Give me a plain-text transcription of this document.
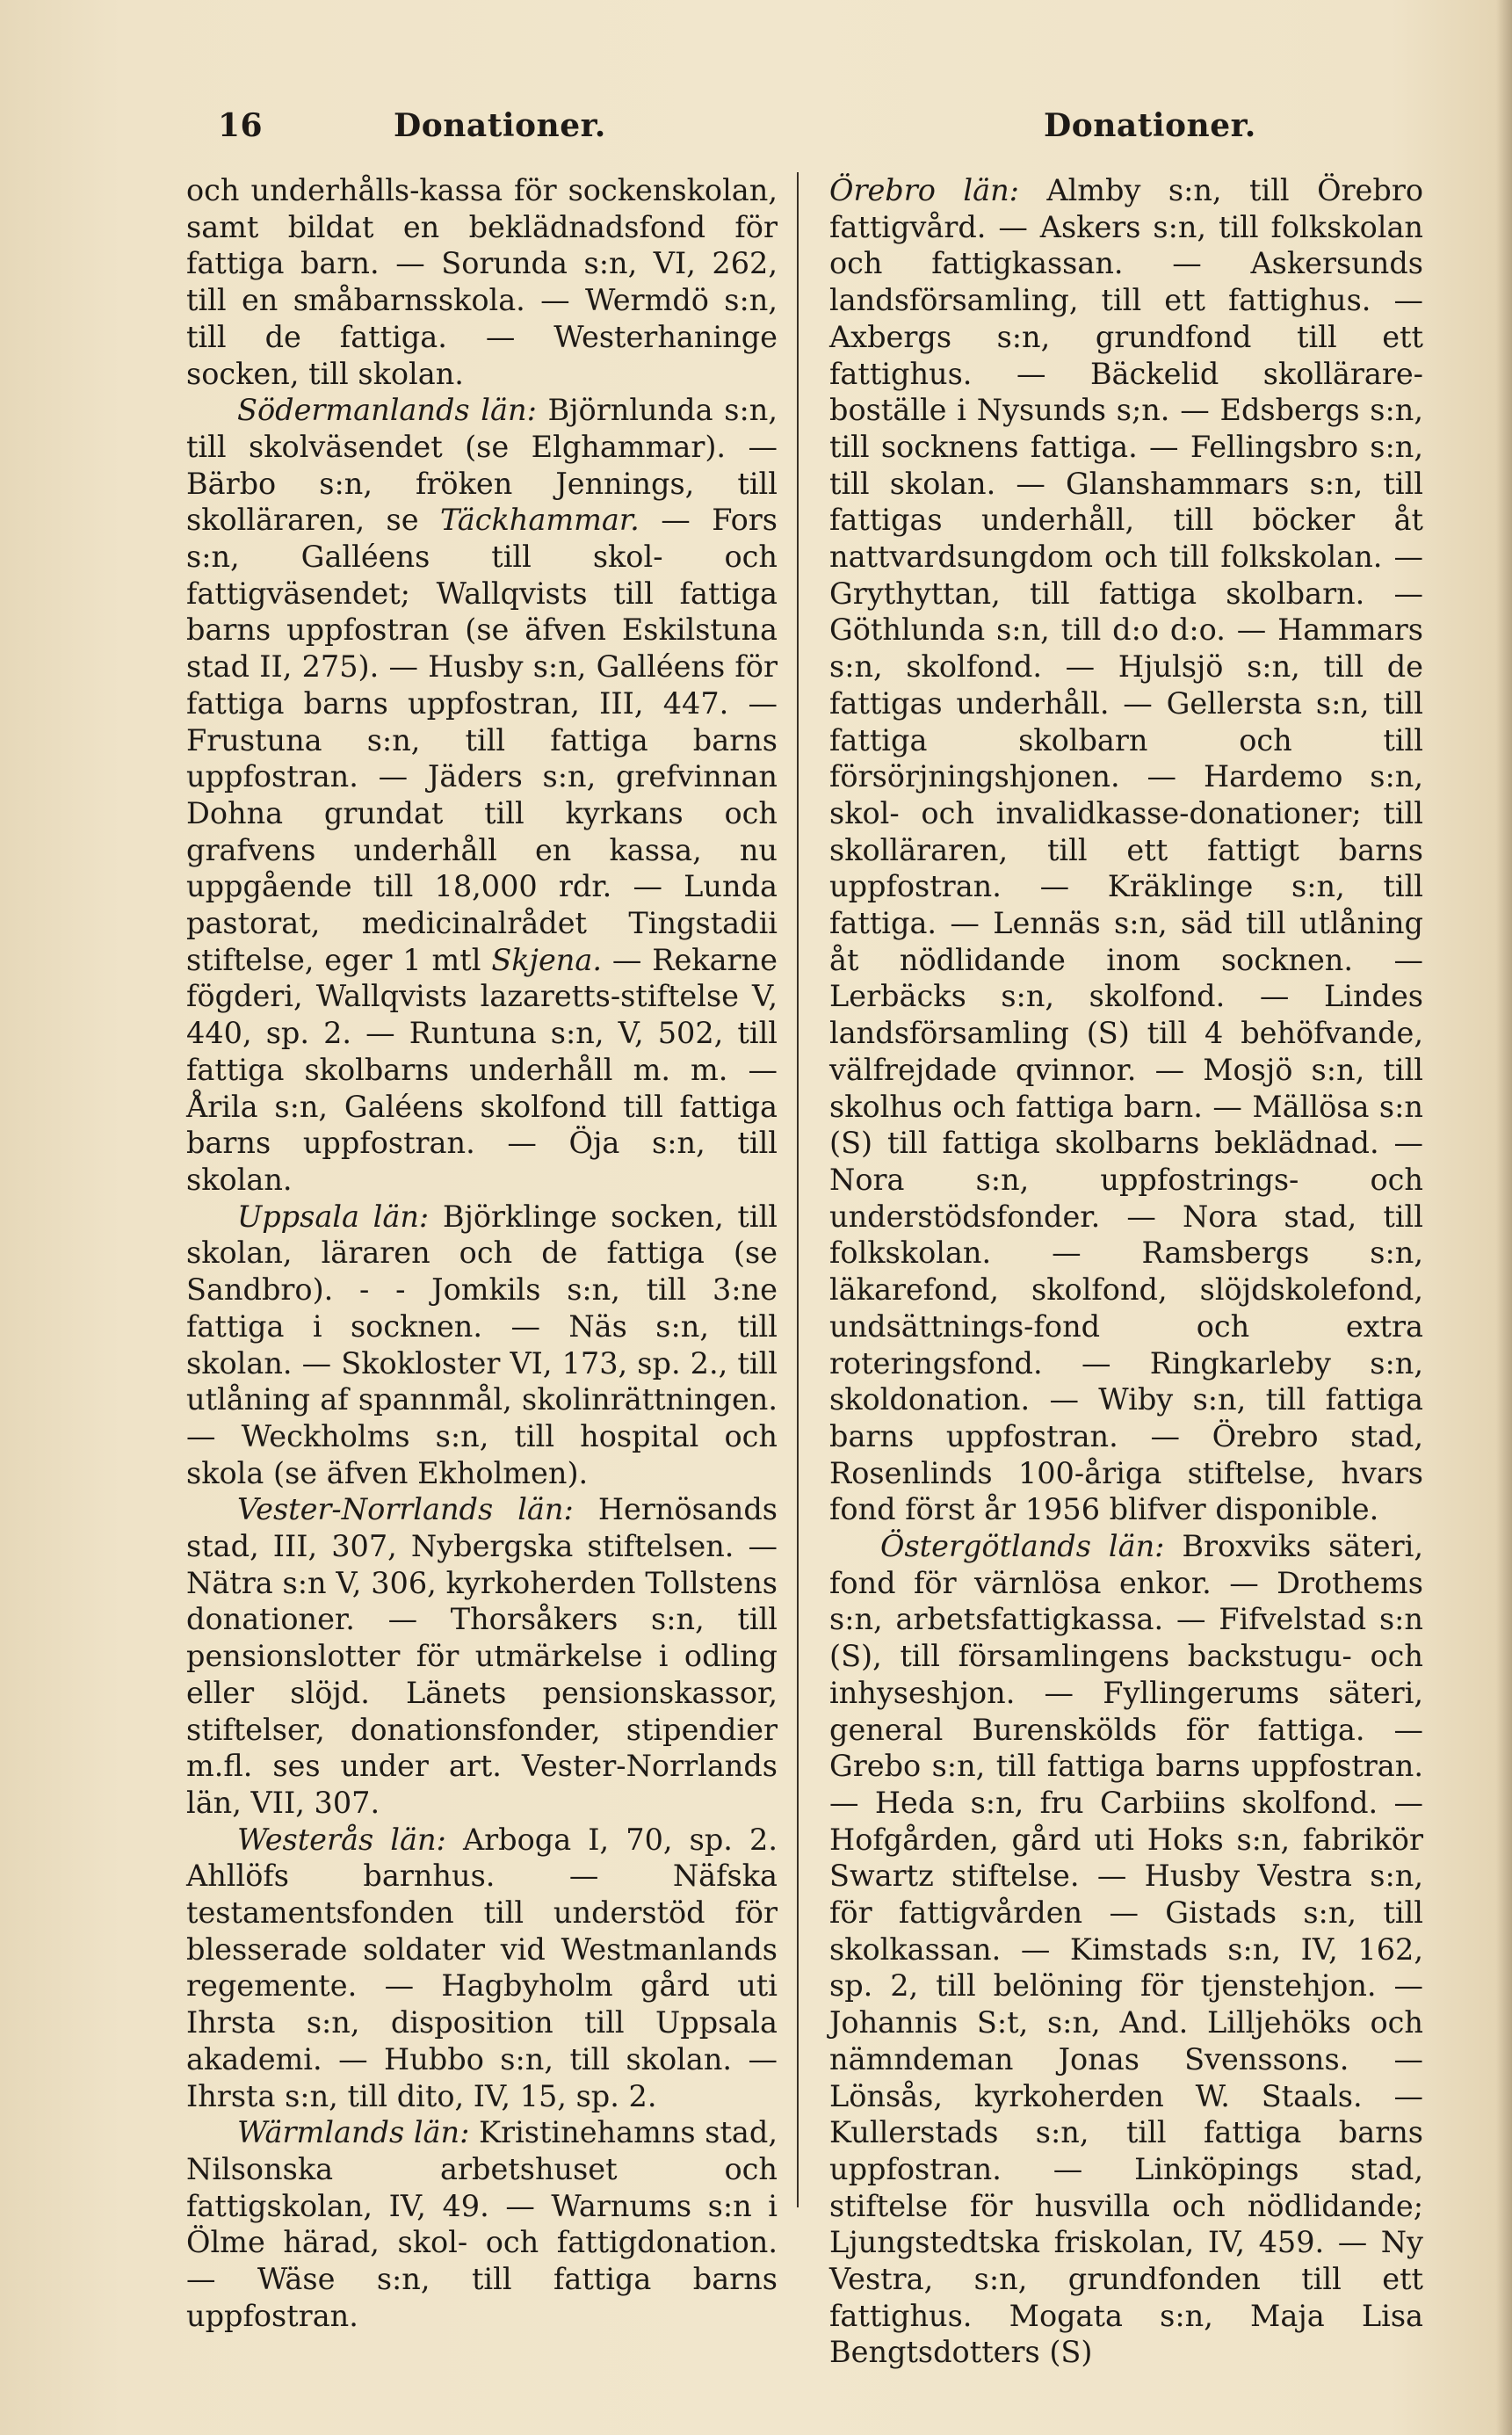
16	Donationer.	Donationer.

och underhålls-kassa för sockenskolan, samt bildat en beklädnadsfond för fattiga barn. — Sorunda s:n, VI, 262, till en småbarnsskola. — Wermdö s:n, till de fattiga. — Westerhaninge socken, till skolan.

Södermanlands län: Björnlunda s:n, till skolväsendet (se Elghammar). — Bärbo s:n, fröken Jennings, till skolläraren, se Täckhammar. — Fors s:n, Galléens till skol- och fattigväsendet; Wallqvists till fattiga barns uppfostran (se äfven Eskilstuna stad II, 275). — Husby s:n, Galléens för fattiga barns uppfostran, III, 447. — Frustuna s:n, till fattiga barns uppfostran. — Jäders s:n, grefvinnan Dohna grundat till kyrkans och grafvens underhåll en kassa, nu uppgående till 18,000 rdr. — Lunda pastorat, medicinalrådet Tingstadii stiftelse, eger 1 mtl Skjena. — Rekarne fögderi, Wallqvists lazaretts-stiftelse V, 440, sp. 2. — Runtuna s:n, V, 502, till fattiga skolbarns underhåll m. m. — Årila s:n, Galéens skolfond till fattiga barns uppfostran. — Öja s:n, till skolan.

Uppsala län: Björklinge socken, till skolan, läraren och de fattiga (se Sandbro). - - Jomkils s:n, till 3:ne fattiga i socknen. — Näs s:n, till skolan. — Skokloster VI, 173, sp. 2., till utlåning af spannmål, skolinrättningen. — Weckholms s:n, till hospital och skola (se äfven Ekholmen).

Vester-Norrlands län: Hernösands stad, III, 307, Nybergska stiftelsen. — Nätra s:n V, 306, kyrkoherden Tollstens donationer. — Thorsåkers s:n, till pensionslotter för utmärkelse i odling eller slöjd. Länets pensionskassor, stiftelser, donationsfonder, stipendier m.fl. ses under art. Vester-Norrlands län, VII, 307.

Westerås län: Arboga I, 70, sp. 2. Ahllöfs barnhus. — Näfska testamentsfonden till understöd för blesserade soldater vid Westmanlands regemente. — Hagbyholm gård uti Ihrsta s:n, disposition till Uppsala akademi. — Hubbo s:n, till skolan. — Ihrsta s:n, till dito, IV, 15, sp. 2.

Wärmlands län: Kristinehamns stad, Nilsonska arbetshuset och fattigskolan, IV, 49. — Warnums s:n i Ölme härad, skol- och fattigdonation. — Wäse s:n, till fattiga barns uppfostran.

Örebro län: Almby s:n, till Örebro fattigvård. — Askers s:n, till folkskolan och fattigkassan. — Askersunds landsförsamling, till ett fattighus. — Axbergs s:n, grundfond till ett fattighus. — Bäckelid skollärare-boställe i Nysunds s;n. — Edsbergs s:n, till socknens fattiga. — Fellingsbro s:n, till skolan. — Glanshammars s:n, till fattigas underhåll, till böcker åt nattvardsungdom och till folkskolan. — Grythyttan, till fattiga skolbarn. — Göthlunda s:n, till d:o d:o. — Hammars s:n, skolfond. — Hjulsjö s:n, till de fattigas underhåll. — Gellersta s:n, till fattiga skolbarn och till försörjningshjonen. — Hardemo s:n, skol- och invalidkasse-donationer; till skolläraren, till ett fattigt barns uppfostran. — Kräklinge s:n, till fattiga. — Lennäs s:n, säd till utlåning åt nödlidande inom socknen. — Lerbäcks s:n, skolfond. — Lindes landsförsamling (S) till 4 behöfvande, välfrejdade qvinnor. — Mosjö s:n, till skolhus och fattiga barn. — Mällösa s:n (S) till fattiga skolbarns beklädnad. — Nora s:n, uppfostrings- och understödsfonder. — Nora stad, till folkskolan. — Ramsbergs s:n, läkarefond, skolfond, slöjdskolefond, undsättnings-fond och extra roteringsfond. — Ringkarleby s:n, skoldonation. — Wiby s:n, till fattiga barns uppfostran. — Örebro stad, Rosenlinds 100-åriga stiftelse, hvars fond först år 1956 blifver disponible.

Östergötlands län: Broxviks säteri, fond för värnlösa enkor. — Drothems s:n, arbetsfattigkassa. — Fifvelstad s:n (S), till församlingens backstugu- och inhyseshjon. — Fyllingerums säteri, general Burenskölds för fattiga. — Grebo s:n, till fattiga barns uppfostran. — Heda s:n, fru Carbiins skolfond. — Hofgården, gård uti Hoks s:n, fabrikör Swartz stiftelse. — Husby Vestra s:n, för fattigvården — Gistads s:n, till skolkassan. — Kimstads s:n, IV, 162, sp. 2, till belöning för tjenstehjon. — Johannis S:t, s:n, And. Lilljehöks och nämndeman Jonas Svenssons. — Lönsås, kyrkoherden W. Staals. — Kullerstads s:n, till fattiga barns uppfostran. — Linköpings stad, stiftelse för husvilla och nödlidande; Ljungstedtska friskolan, IV, 459. — Ny Vestra, s:n, grundfonden till ett fattighus. Mogata s:n, Maja Lisa Bengtsdotters (S)
